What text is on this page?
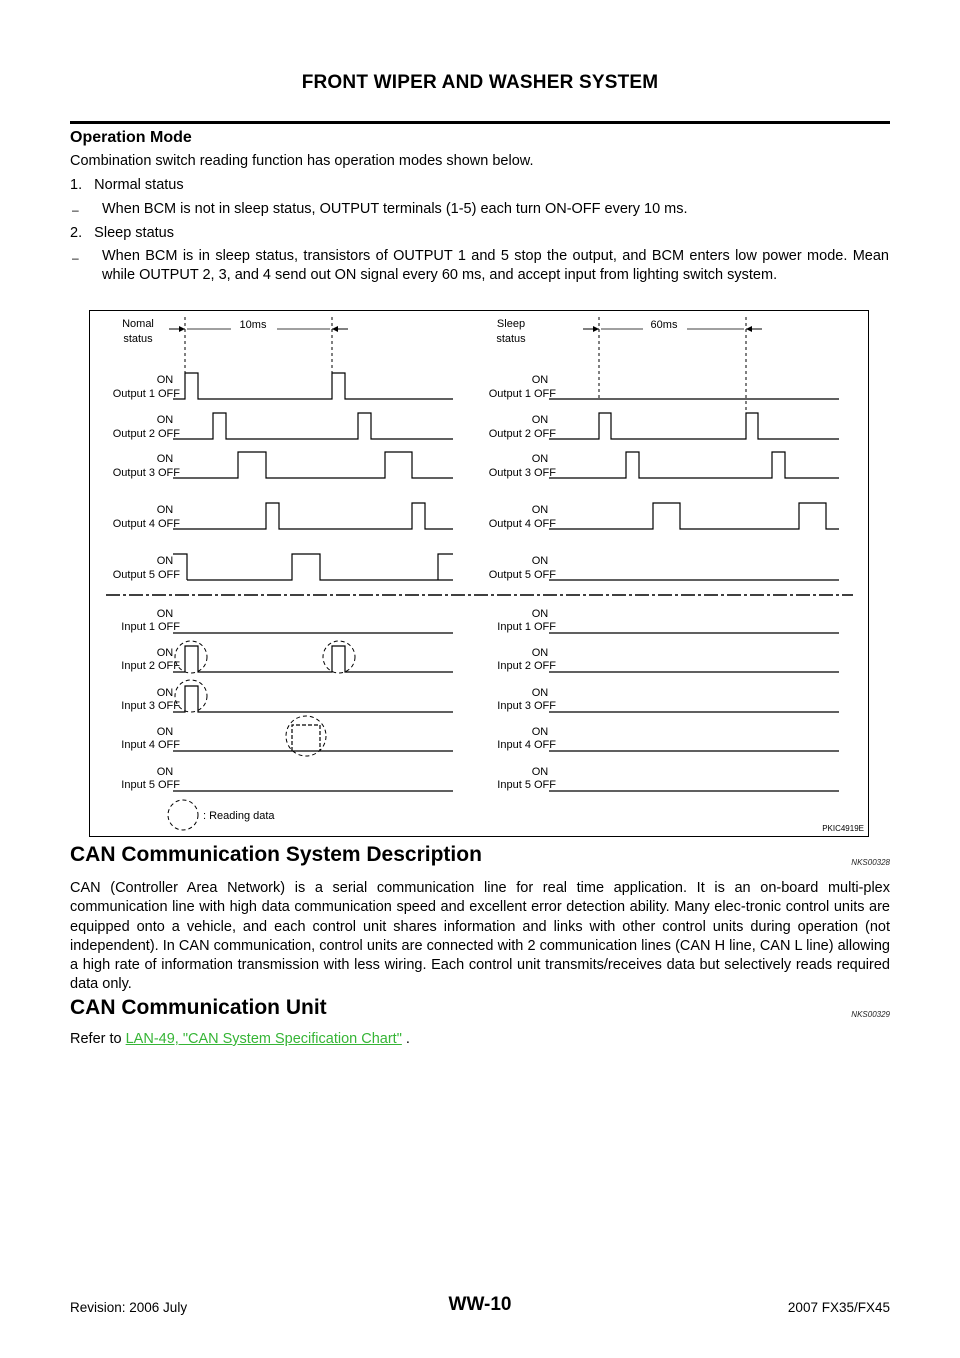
FRONT WIPER AND WASHER SYSTEM
Operation Mode
Combination switch reading function has operation modes shown below.
1.   Normal status
– When BCM is not in sleep status, OUTPUT terminals (1-5) each turn ON-OFF every 10 ms.
2.   Sleep status
– When BCM is in sleep status, transistors of OUTPUT 1 and 5 stop the output, and BCM enters low power mode. Mean while OUTPUT 2, 3, and 4 send out ON signal every 60 ms, and accept input from lighting switch system.
Nomal
status
Sleep
status
10ms	60ms
ON
Output 1 OFF
ON
Output 1 OFF
ON
Output 2 OFF
ON
Output 2 OFF
ON
Output 3 OFF
ON
Output 3 OFF
ON
Output 4 OFF
ON
Output 4 OFF
ON
Output 5 OFF
ON
Output 5 OFF
ON
Input 1 OFF
ON
Input 1 OFF
ON
Input 2 OFF
ON
Input 2 OFF
ON
Input 3 OFF
ON
Input 3 OFF
ON
Input 4 OFF
ON
Input 4 OFF
ON
Input 5 OFF
ON
Input 5 OFF
: Reading data
PKIC4919E
CAN Communication System Description	NKS00328
CAN (Controller Area Network) is a serial communication line for real time application. It is an on-board multi-plex communication line with high data communication speed and excellent error detection ability. Many elec-tronic control units are equipped onto a vehicle, and each control unit shares information and links with other control units during operation (not independent). In CAN communication, control units are connected with 2 communication lines (CAN H line, CAN L line) allowing a high rate of information transmission with less wiring. Each control unit transmits/receives data but selectively reads required data only.
CAN Communication Unit	NKS00329
Refer to LAN-49, "CAN System Specification Chart" .
Revision: 2006 July	WW-10	2007 FX35/FX45
